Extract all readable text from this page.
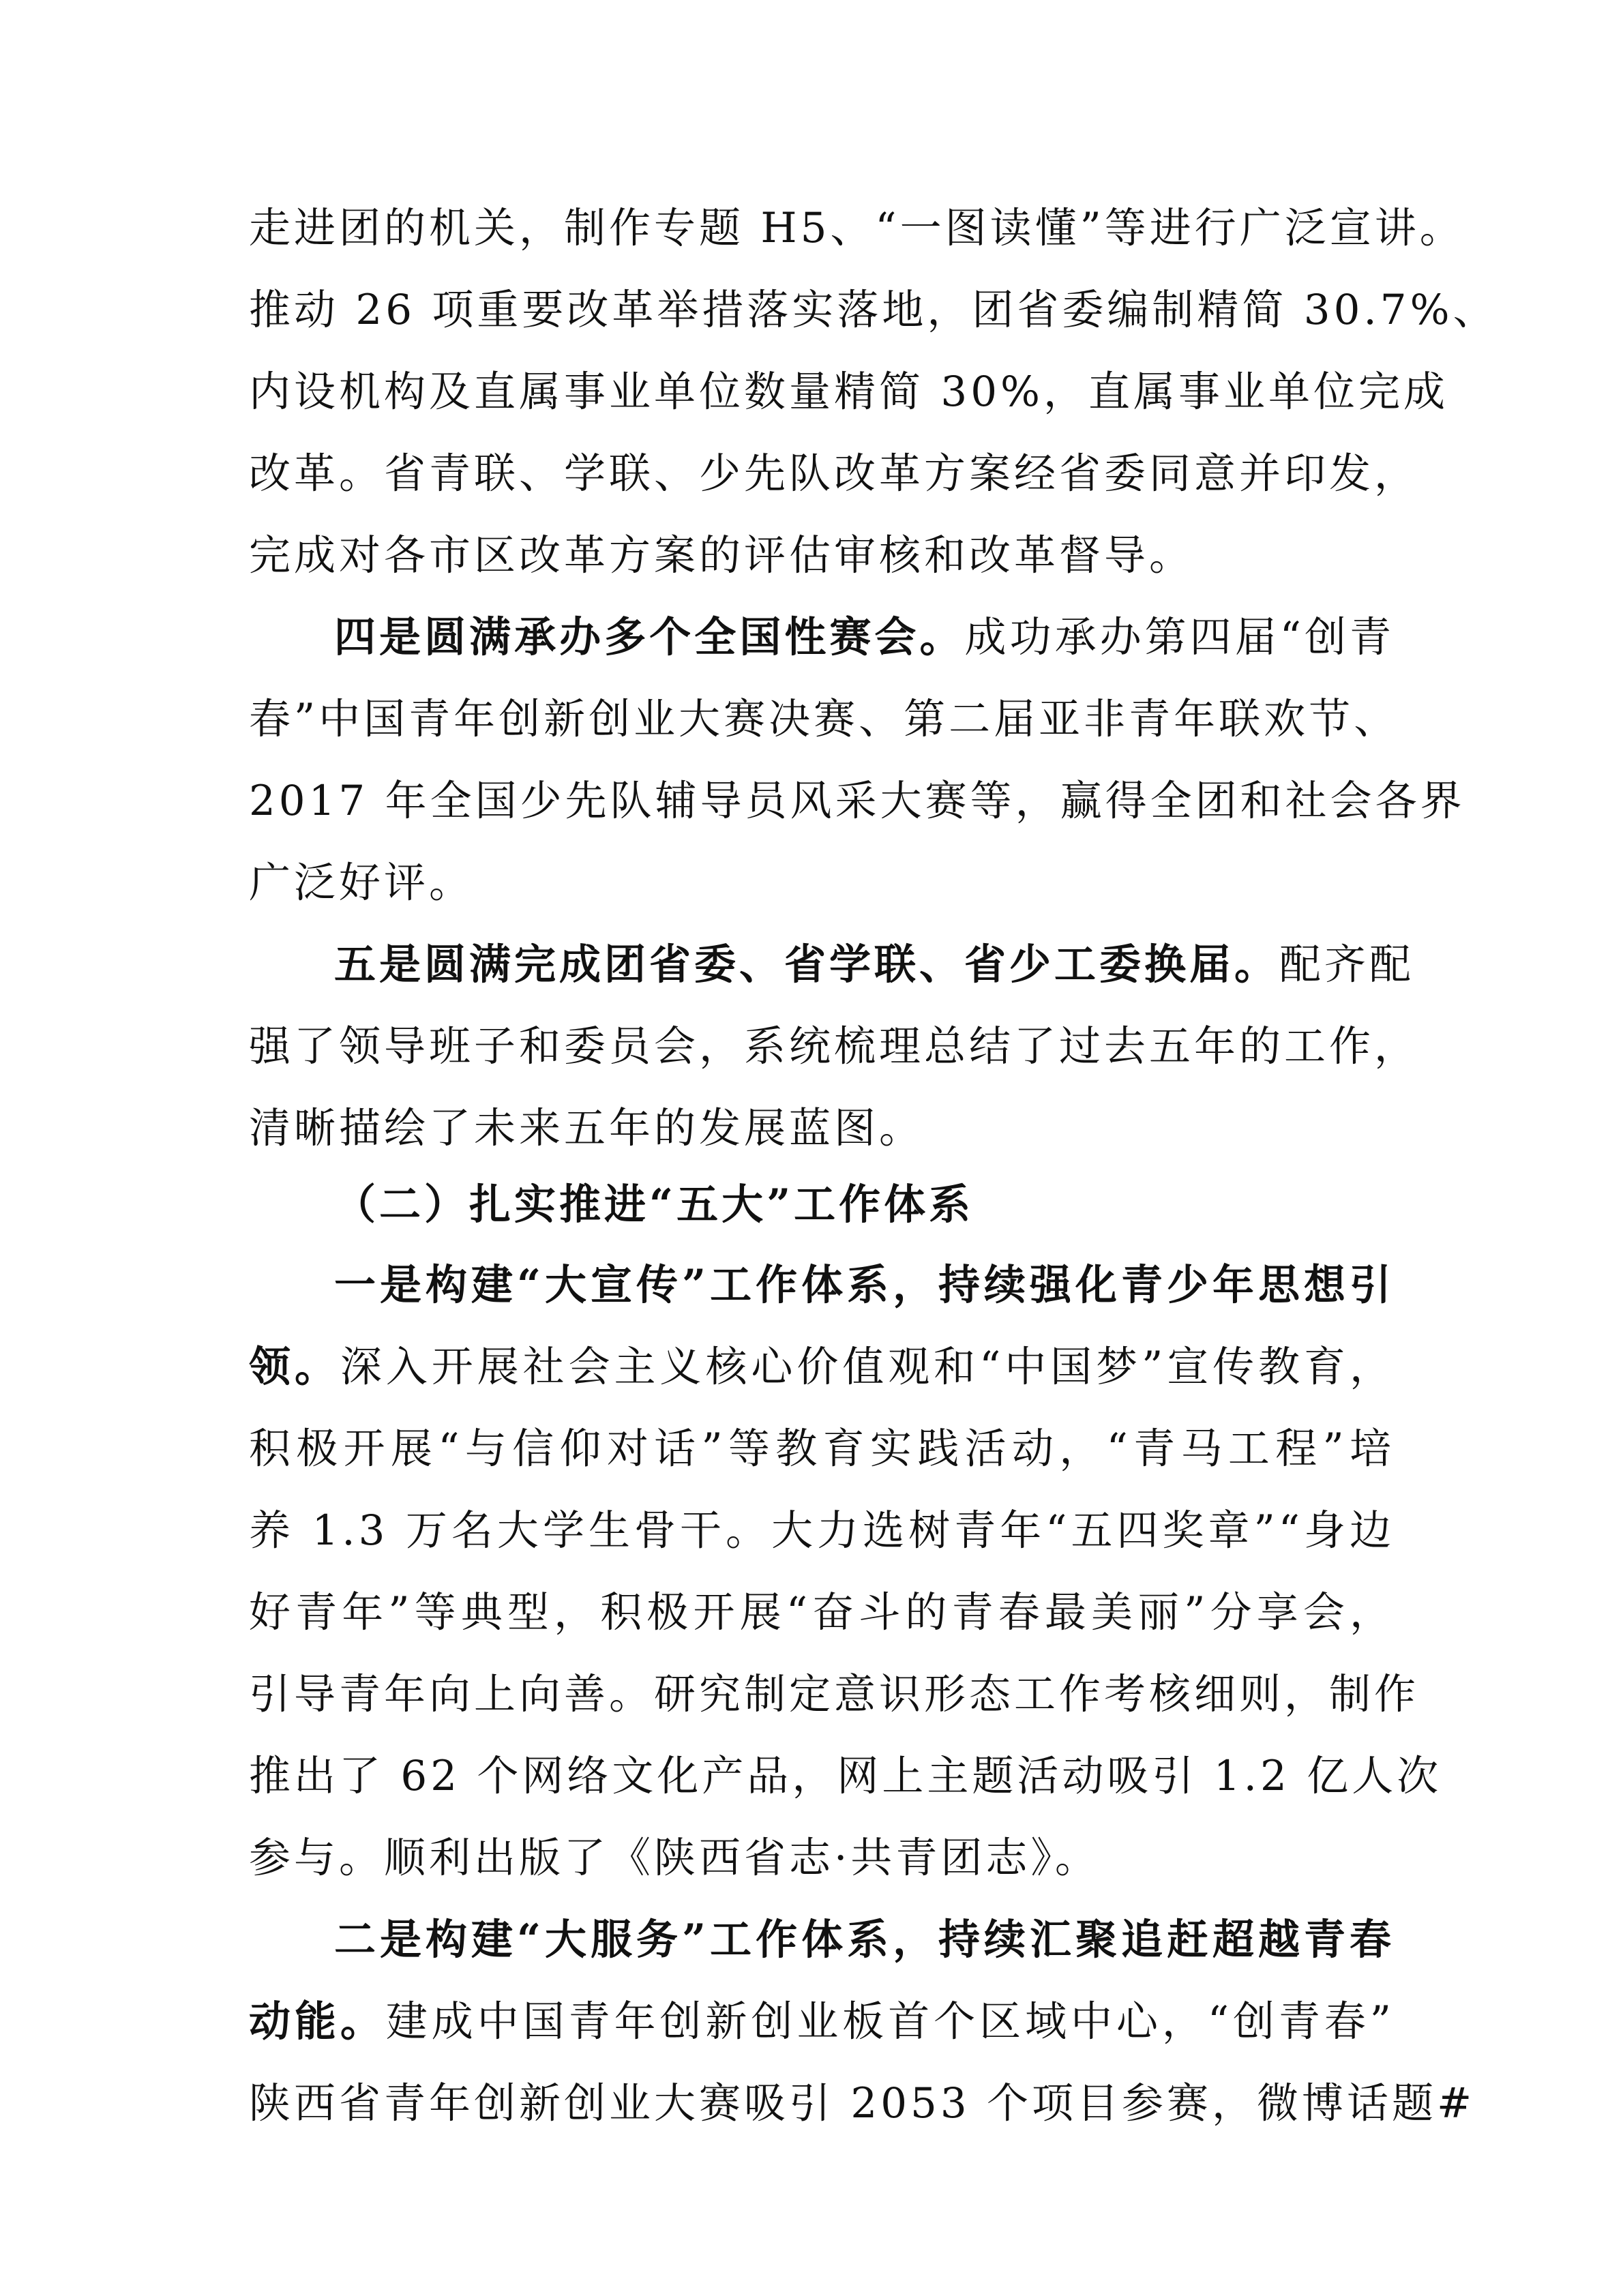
走进团的机关，制作专题 H5、“一图读懂”等进行广泛宣讲。
推动 26 项重要改革举措落实落地，团省委编制精简 30.7%、
内设机构及直属事业单位数量精简 30%，直属事业单位完成
改革。省青联、学联、少先队改革方案经省委同意并印发，
完成对各市区改革方案的评估审核和改革督导。
四是圆满承办多个全国性赛会。成功承办第四届“创青
春”中国青年创新创业大赛决赛、第二届亚非青年联欢节、
2017 年全国少先队辅导员风采大赛等，赢得全团和社会各界
广泛好评。
五是圆满完成团省委、省学联、省少工委换届。配齐配
强了领导班子和委员会，系统梳理总结了过去五年的工作，
清晰描绘了未来五年的发展蓝图。
（二）扎实推进“五大”工作体系
一是构建“大宣传”工作体系，持续强化青少年思想引
领。深入开展社会主义核心价值观和“中国梦”宣传教育，
积极开展“与信仰对话”等教育实践活动，“青马工程”培
养 1.3 万名大学生骨干。大力选树青年“五四奖章”“身边
好青年”等典型，积极开展“奋斗的青春最美丽”分享会，
引导青年向上向善。研究制定意识形态工作考核细则，制作
推出了 62 个网络文化产品，网上主题活动吸引 1.2 亿人次
参与。顺利出版了《陕西省志·共青团志》。
二是构建“大服务”工作体系，持续汇聚追赶超越青春
动能。建成中国青年创新创业板首个区域中心，“创青春”
陕西省青年创新创业大赛吸引 2053 个项目参赛，微博话题#
